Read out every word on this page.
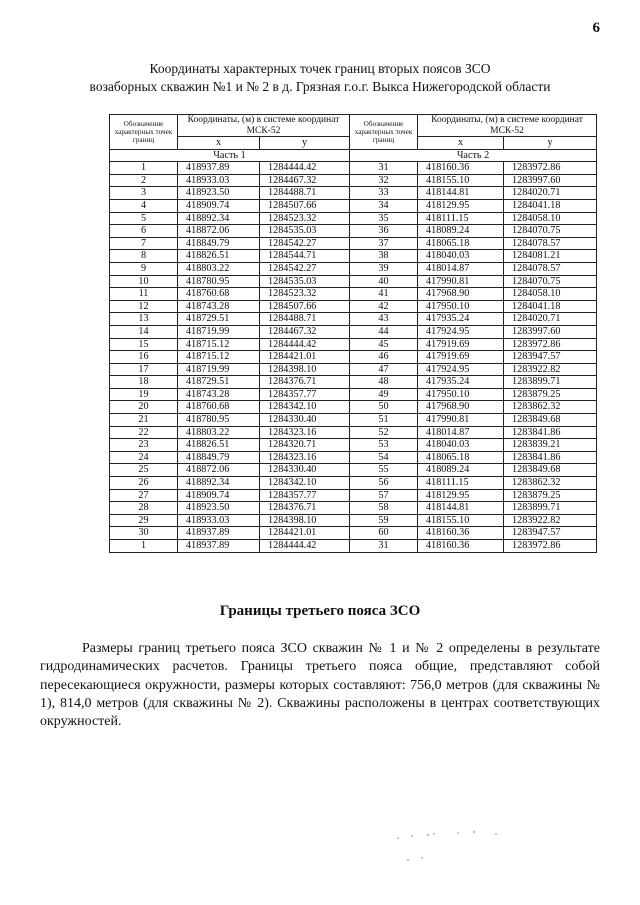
6
Координаты характерных точек границ вторых поясов ЗСО
возаборных скважин №1 и № 2 в д. Грязная г.о.г. Выкса Нижегородской области
Обозначение характерных точек границ	Координаты, (м) в системе координат МСК-52		Обозначение характерных точек границ	Координаты, (м) в системе координат МСК-52	
	x	y		x	y
Часть 1			Часть 2		
1	418937.89	1284444.42	31	418160.36	1283972.86
2	418933.03	1284467.32	32	418155.10	1283997.60
3	418923.50	1284488.71	33	418144.81	1284020.71
4	418909.74	1284507.66	34	418129.95	1284041.18
5	418892.34	1284523.32	35	418111.15	1284058.10
6	418872.06	1284535.03	36	418089.24	1284070.75
7	418849.79	1284542.27	37	418065.18	1284078.57
8	418826.51	1284544.71	38	418040.03	1284081.21
9	418803.22	1284542.27	39	418014.87	1284078.57
10	418780.95	1284535.03	40	417990.81	1284070.75
11	418760.68	1284523.32	41	417968.90	1284058.10
12	418743.28	1284507.66	42	417950.10	1284041.18
13	418729.51	1284488.71	43	417935.24	1284020.71
14	418719.99	1284467.32	44	417924.95	1283997.60
15	418715.12	1284444.42	45	417919.69	1283972.86
16	418715.12	1284421.01	46	417919.69	1283947.57
17	418719.99	1284398.10	47	417924.95	1283922.82
18	418729.51	1284376.71	48	417935.24	1283899.71
19	418743.28	1284357.77	49	417950.10	1283879.25
20	418760.68	1284342.10	50	417968.90	1283862.32
21	418780.95	1284330.40	51	417990.81	1283849.68
22	418803.22	1284323.16	52	418014.87	1283841.86
23	418826.51	1284320.71	53	418040.03	1283839.21
24	418849.79	1284323.16	54	418065.18	1283841.86
25	418872.06	1284330.40	55	418089.24	1283849.68
26	418892.34	1284342.10	56	418111.15	1283862.32
27	418909.74	1284357.77	57	418129.95	1283879.25
28	418923.50	1284376.71	58	418144.81	1283899.71
29	418933.03	1284398.10	59	418155.10	1283922.82
30	418937.89	1284421.01	60	418160.36	1283947.57
1	418937.89	1284444.42	31	418160.36	1283972.86
Границы третьего пояса ЗСО

Размеры границ третьего пояса ЗСО скважин № 1 и № 2 определены в результате гидродинамических расчетов. Границы третьего пояса общие, представляют собой пересекающиеся окружности, размеры которых составляют: 756,0 метров (для скважины № 1), 814,0 метров (для скважины № 2). Скважины расположены в центрах соответствующих окружностей.
